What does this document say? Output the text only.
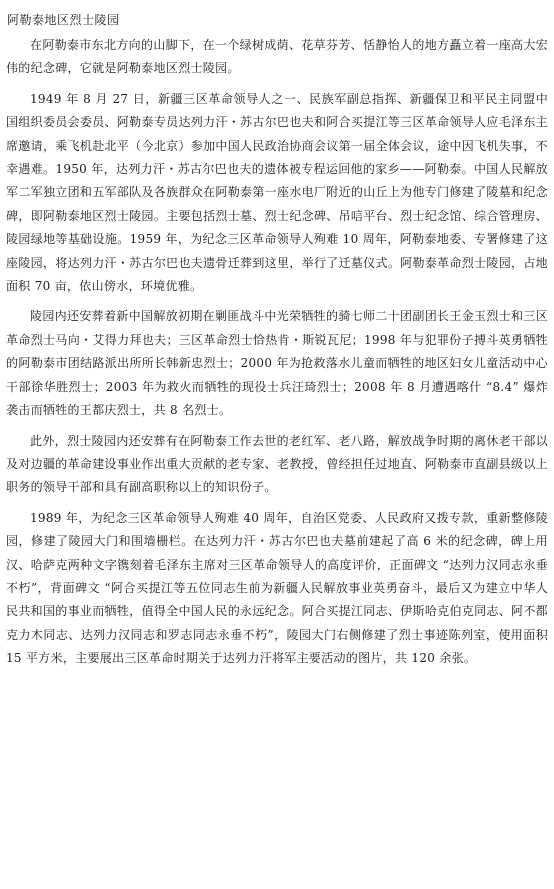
阿勒泰地区烈士陵园

在阿勒泰市东北方向的山脚下，在一个绿树成荫、花草芬芳、恬静怡人的地方矗立着一座高大宏伟的纪念碑，它就是阿勒泰地区烈士陵园。

1949 年 8 月 27 日，新疆三区革命领导人之一、民族军副总指挥、新疆保卫和平民主同盟中国组织委员会委员、阿勒泰专员达列力汗・苏古尔巴也夫和阿合买提江等三区革命领导人应毛泽东主席邀请，乘飞机赴北平（今北京）参加中国人民政治协商会议第一届全体会议，途中因飞机失事，不幸遇难。1950 年，达列力汗・苏古尔巴也夫的遗体被专程运回他的家乡——阿勒泰。中国人民解放军二军独立团和五军部队及各族群众在阿勒泰第一座水电厂附近的山丘上为他专门修建了陵墓和纪念碑，即阿勒泰地区烈士陵园。主要包括烈士墓、烈士纪念碑、吊唁平台、烈士纪念馆、综合管理房、陵园绿地等基础设施。1959 年，为纪念三区革命领导人殉难 10 周年，阿勒泰地委、专署修建了这座陵园，将达列力汗・苏古尔巴也夫遗骨迁葬到这里，举行了迁墓仪式。阿勒泰革命烈士陵园，占地面积 70 亩，依山傍水，环境优雅。

陵园内还安葬着新中国解放初期在剿匪战斗中光荣牺牲的骑七师二十团副团长王金玉烈士和三区革命烈士马向・艾得力拜也夫；三区革命烈士恰热肯・斯锐瓦尼；1998 年与犯罪份子搏斗英勇牺牲的阿勒泰市团结路派出所所长韩新忠烈士；2000 年为抢救落水儿童而牺牲的地区妇女儿童活动中心干部徐华胜烈士；2003 年为救火而牺牲的现役士兵汪琦烈士；2008 年 8 月遭遇喀什 “8.4” 爆炸袭击而牺牲的王都庆烈士，共 8 名烈士。

此外，烈士陵园内还安葬有在阿勒泰工作去世的老红军、老八路，解放战争时期的离休老干部以及对边疆的革命建设事业作出重大贡献的老专家、老教授，曾经担任过地直、阿勒泰市直副县级以上职务的领导干部和具有副高职称以上的知识份子。

1989 年，为纪念三区革命领导人殉难 40 周年，自治区党委、人民政府又拨专款，重新整修陵园，修建了陵园大门和围墙栅栏。在达列力汗・苏古尔巴也夫墓前建起了高 6 米的纪念碑，碑上用汉、哈萨克两种文字镌刻着毛泽东主席对三区革命领导人的高度评价，正面碑文 “达列力汉同志永垂不朽”，背面碑文 “阿合买提江等五位同志生前为新疆人民解放事业英勇奋斗，最后又为建立中华人民共和国的事业而牺牲，值得全中国人民的永远纪念。阿合买提江同志、伊斯哈克伯克同志、阿不都克力木同志、达列力汉同志和罗志同志永垂不朽”，陵园大门右侧修建了烈士事迹陈列室，使用面积 15 平方米，主要展出三区革命时期关于达列力汗将军主要活动的图片，共 120 余张。
